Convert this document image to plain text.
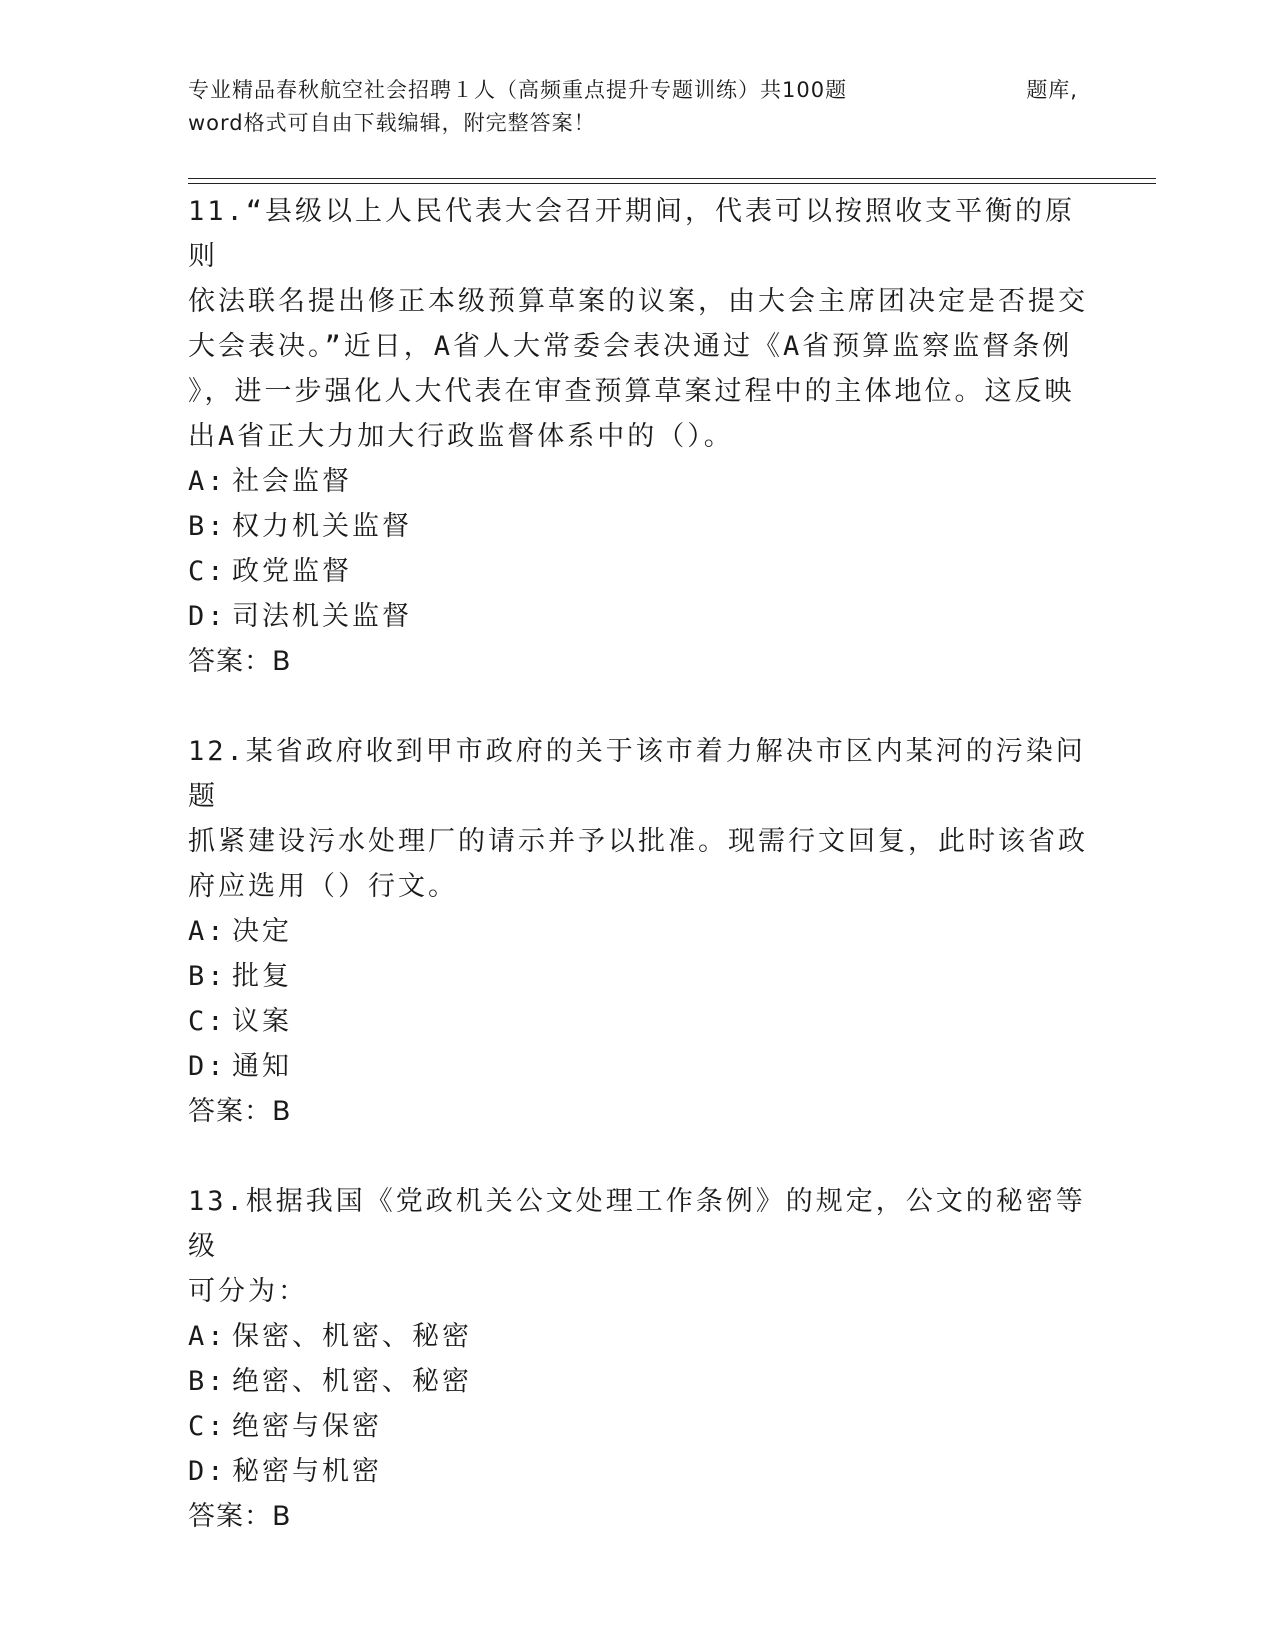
专业精品春秋航空社会招聘１人（高频重点提升专题训练）共100题	题库,
word格式可自由下载编辑，附完整答案！

11.“县级以上人民代表大会召开期间，代表可以按照收支平衡的原则
依法联名提出修正本级预算草案的议案，由大会主席团决定是否提交
大会表决。”近日，A省人大常委会表决通过《A省预算监察监督条例
》，进一步强化人大代表在审查预算草案过程中的主体地位。这反映
出A省正大力加大行政监督体系中的（）。

A: 社会监督
B: 权力机关监督
C: 政党监督
D: 司法机关监督
答案：B

12.某省政府收到甲市政府的关于该市着力解决市区内某河的污染问题
抓紧建设污水处理厂的请示并予以批准。现需行文回复，此时该省政
府应选用（）行文。

A: 决定
B: 批复
C: 议案
D: 通知
答案：B

13.根据我国《党政机关公文处理工作条例》的规定，公文的秘密等级
可分为：

A: 保密、机密、秘密
B: 绝密、机密、秘密
C: 绝密与保密
D: 秘密与机密
答案：B
